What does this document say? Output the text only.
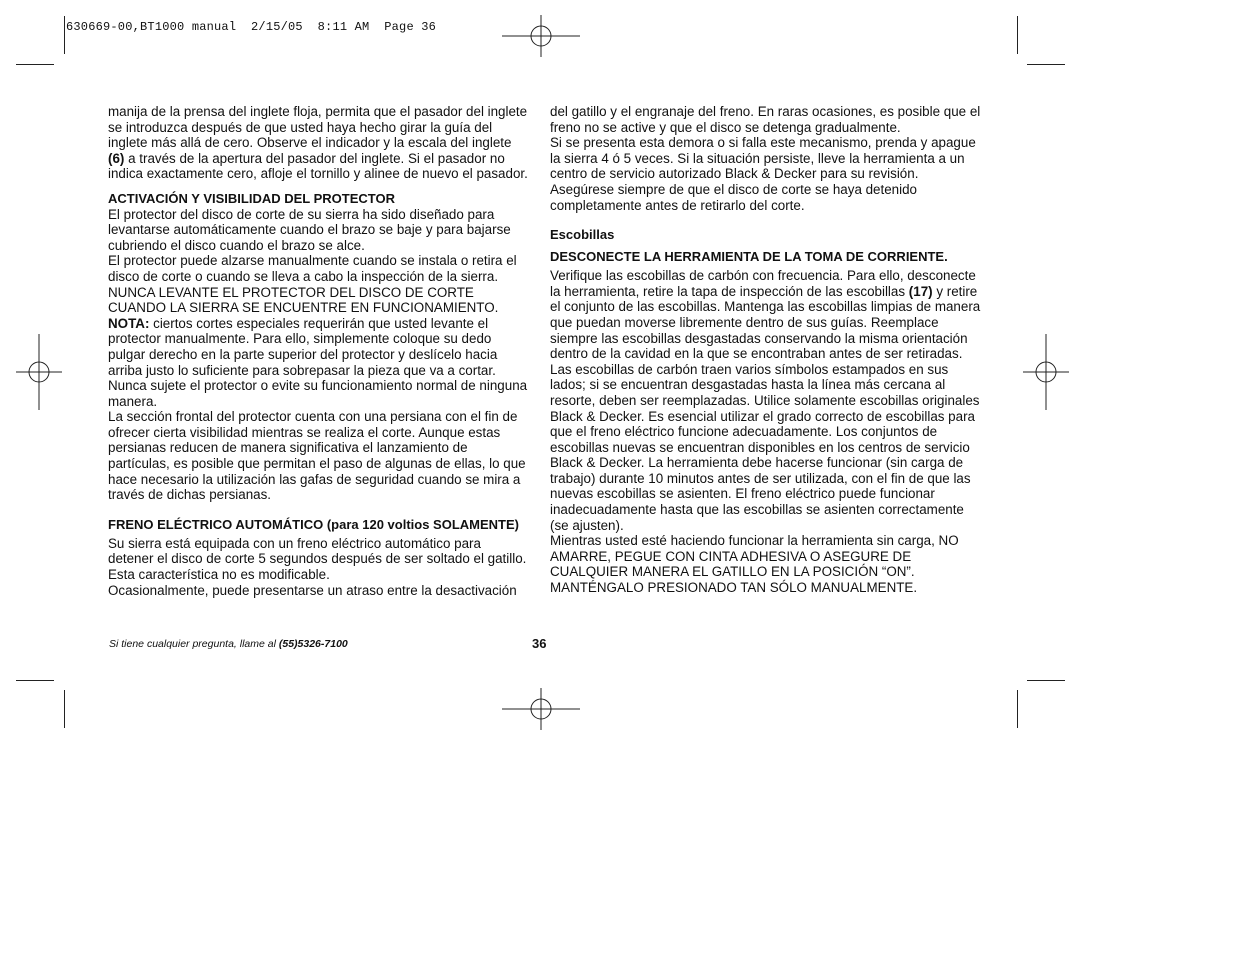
630669-00,BT1000 manual  2/15/05  8:11 AM  Page 36

manija de la prensa del inglete floja, permita que el pasador del inglete se introduzca después de que usted haya hecho girar la guía del inglete más allá de cero. Observe el indicador y la escala del inglete (6) a través de la apertura del pasador del inglete. Si el pasador no indica exactamente cero, afloje el tornillo y alinee de nuevo el pasador.

ACTIVACIÓN Y VISIBILIDAD DEL PROTECTOR

El protector del disco de corte de su sierra ha sido diseñado para levantarse automáticamente cuando el brazo se baje y para bajarse cubriendo el disco cuando el brazo se alce.

El protector puede alzarse manualmente cuando se instala o retira el disco de corte o cuando se lleva a cabo la inspección de la sierra. NUNCA LEVANTE EL PROTECTOR DEL DISCO DE CORTE CUANDO LA SIERRA SE ENCUENTRE EN FUNCIONAMIENTO.

NOTA: ciertos cortes especiales requerirán que usted levante el protector manualmente. Para ello, simplemente coloque su dedo pulgar derecho en la parte superior del protector y deslícelo hacia arriba justo lo suficiente para sobrepasar la pieza que va a cortar. Nunca sujete el protector o evite su funcionamiento normal de ninguna manera.

La sección frontal del protector cuenta con una persiana con el fin de ofrecer cierta visibilidad mientras se realiza el corte. Aunque estas persianas reducen de manera significativa el lanzamiento de partículas, es posible que permitan el paso de algunas de ellas, lo que hace necesario la utilización las gafas de seguridad cuando se mira a través de dichas persianas.

FRENO ELÉCTRICO AUTOMÁTICO (para 120 voltios SOLAMENTE)

Su sierra está equipada con un freno eléctrico automático para detener el disco de corte 5 segundos después de ser soltado el gatillo. Esta característica no es modificable.

Ocasionalmente, puede presentarse un atraso entre la desactivación

del gatillo y el engranaje del freno. En raras ocasiones, es posible que el freno no se active y que el disco se detenga gradualmente.

Si se presenta esta demora o si falla este mecanismo, prenda y apague la sierra 4 ó 5 veces. Si la situación persiste, lleve la herramienta a un centro de servicio autorizado Black & Decker para su revisión.

Asegúrese siempre de que el disco de corte se haya detenido completamente antes de retirarlo del corte.

Escobillas
DESCONECTE LA HERRAMIENTA DE LA TOMA DE CORRIENTE.

Verifique las escobillas de carbón con frecuencia. Para ello, desconecte la herramienta, retire la tapa de inspección de las escobillas (17) y retire el conjunto de las escobillas. Mantenga las escobillas limpias de manera que puedan moverse libremente dentro de sus guías. Reemplace siempre las escobillas desgastadas conservando la misma orientación dentro de la cavidad en la que se encontraban antes de ser retiradas. Las escobillas de carbón traen varios símbolos estampados en sus lados; si se encuentran desgastadas hasta la línea más cercana al resorte, deben ser reemplazadas. Utilice solamente escobillas originales Black & Decker. Es esencial utilizar el grado correcto de escobillas para que el freno eléctrico funcione adecuadamente. Los conjuntos de escobillas nuevas se encuentran disponibles en los centros de servicio Black & Decker. La herramienta debe hacerse funcionar (sin carga de trabajo) durante 10 minutos antes de ser utilizada, con el fin de que las nuevas escobillas se asienten. El freno eléctrico puede funcionar inadecuadamente hasta que las escobillas se asienten correctamente (se ajusten).

Mientras usted esté haciendo funcionar la herramienta sin carga, NO AMARRE, PEGUE CON CINTA ADHESIVA O ASEGURE DE CUALQUIER MANERA EL GATILLO EN LA POSICIÓN “ON”. MANTÉNGALO PRESIONADO TAN SÓLO MANUALMENTE.

Si tiene cualquier pregunta, llame al (55)5326-7100	36
